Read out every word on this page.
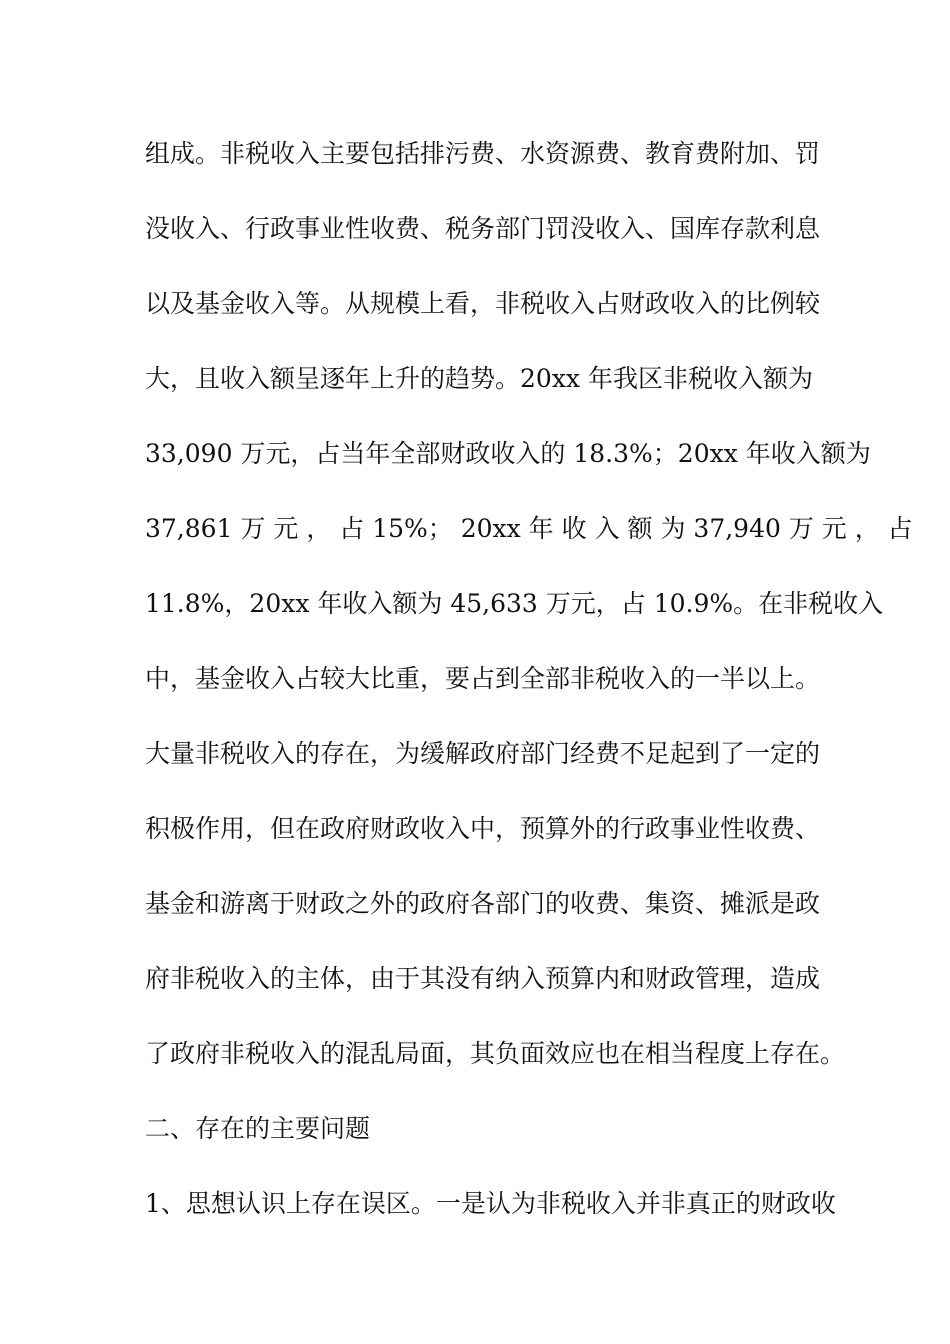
组成。非税收入主要包括排污费、水资源费、教育费附加、罚
没收入、行政事业性收费、税务部门罚没收入、国库存款利息
以及基金收入等。从规模上看，非税收入占财政收入的比例较
大，且收入额呈逐年上升的趋势。20xx 年我区非税收入额为
33,090 万元，占当年全部财政收入的 18.3%；20xx 年收入额为
37,861 万 元 ， 占 15%； 20xx 年 收 入 额 为 37,940 万 元 ， 占
11.8%，20xx 年收入额为 45,633 万元，占 10.9%。在非税收入
中，基金收入占较大比重，要占到全部非税收入的一半以上。
大量非税收入的存在，为缓解政府部门经费不足起到了一定的
积极作用，但在政府财政收入中，预算外的行政事业性收费、
基金和游离于财政之外的政府各部门的收费、集资、摊派是政
府非税收入的主体，由于其没有纳入预算内和财政管理，造成
了政府非税收入的混乱局面，其负面效应也在相当程度上存在。
二、存在的主要问题
1、思想认识上存在误区。一是认为非税收入并非真正的财政收
